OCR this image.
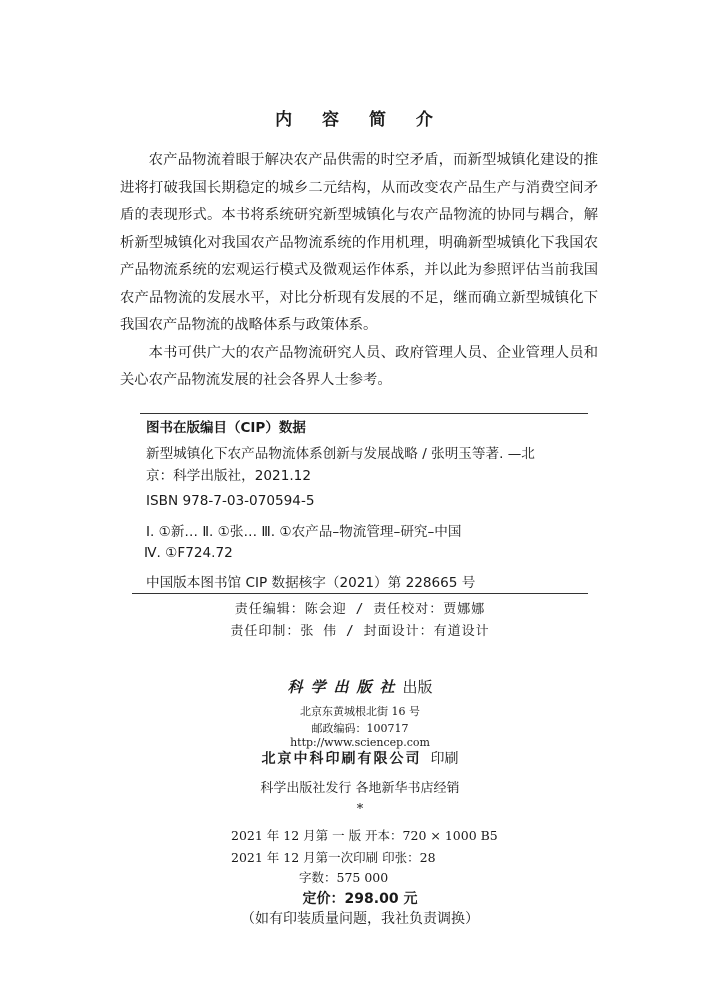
内 容 简 介

农产品物流着眼于解决农产品供需的时空矛盾，而新型城镇化建设的推进将打破我国长期稳定的城乡二元结构，从而改变农产品生产与消费空间矛盾的表现形式。本书将系统研究新型城镇化与农产品物流的协同与耦合，解析新型城镇化对我国农产品物流系统的作用机理，明确新型城镇化下我国农产品物流系统的宏观运行模式及微观运作体系，并以此为参照评估当前我国农产品物流的发展水平，对比分析现有发展的不足，继而确立新型城镇化下我国农产品物流的战略体系与政策体系。

本书可供广大的农产品物流研究人员、政府管理人员、企业管理人员和关心农产品物流发展的社会各界人士参考。

图书在版编目（CIP）数据
新型城镇化下农产品物流体系创新与发展战略 / 张明玉等著. —北
京：科学出版社，2021.12
ISBN 978-7-03-070594-5
Ⅰ. ①新… Ⅱ. ①张… Ⅲ. ①农产品–物流管理–研究–中国
Ⅳ. ①F724.72
中国版本图书馆 CIP 数据核字（2021）第 228665 号
责任编辑：陈会迎 / 责任校对：贾娜娜
责任印制：张 伟 / 封面设计：有道设计
科学出版社出版
北京东黄城根北街 16 号
邮政编码：100717
http://www.sciencep.com
北京中科印刷有限公司 印刷
科学出版社发行 各地新华书店经销
*
2021 年 12 月第 一 版 开本：720 × 1000 B5
2021 年 12 月第一次印刷 印张：28
字数：575 000
定价：298.00 元
（如有印装质量问题，我社负责调换）
